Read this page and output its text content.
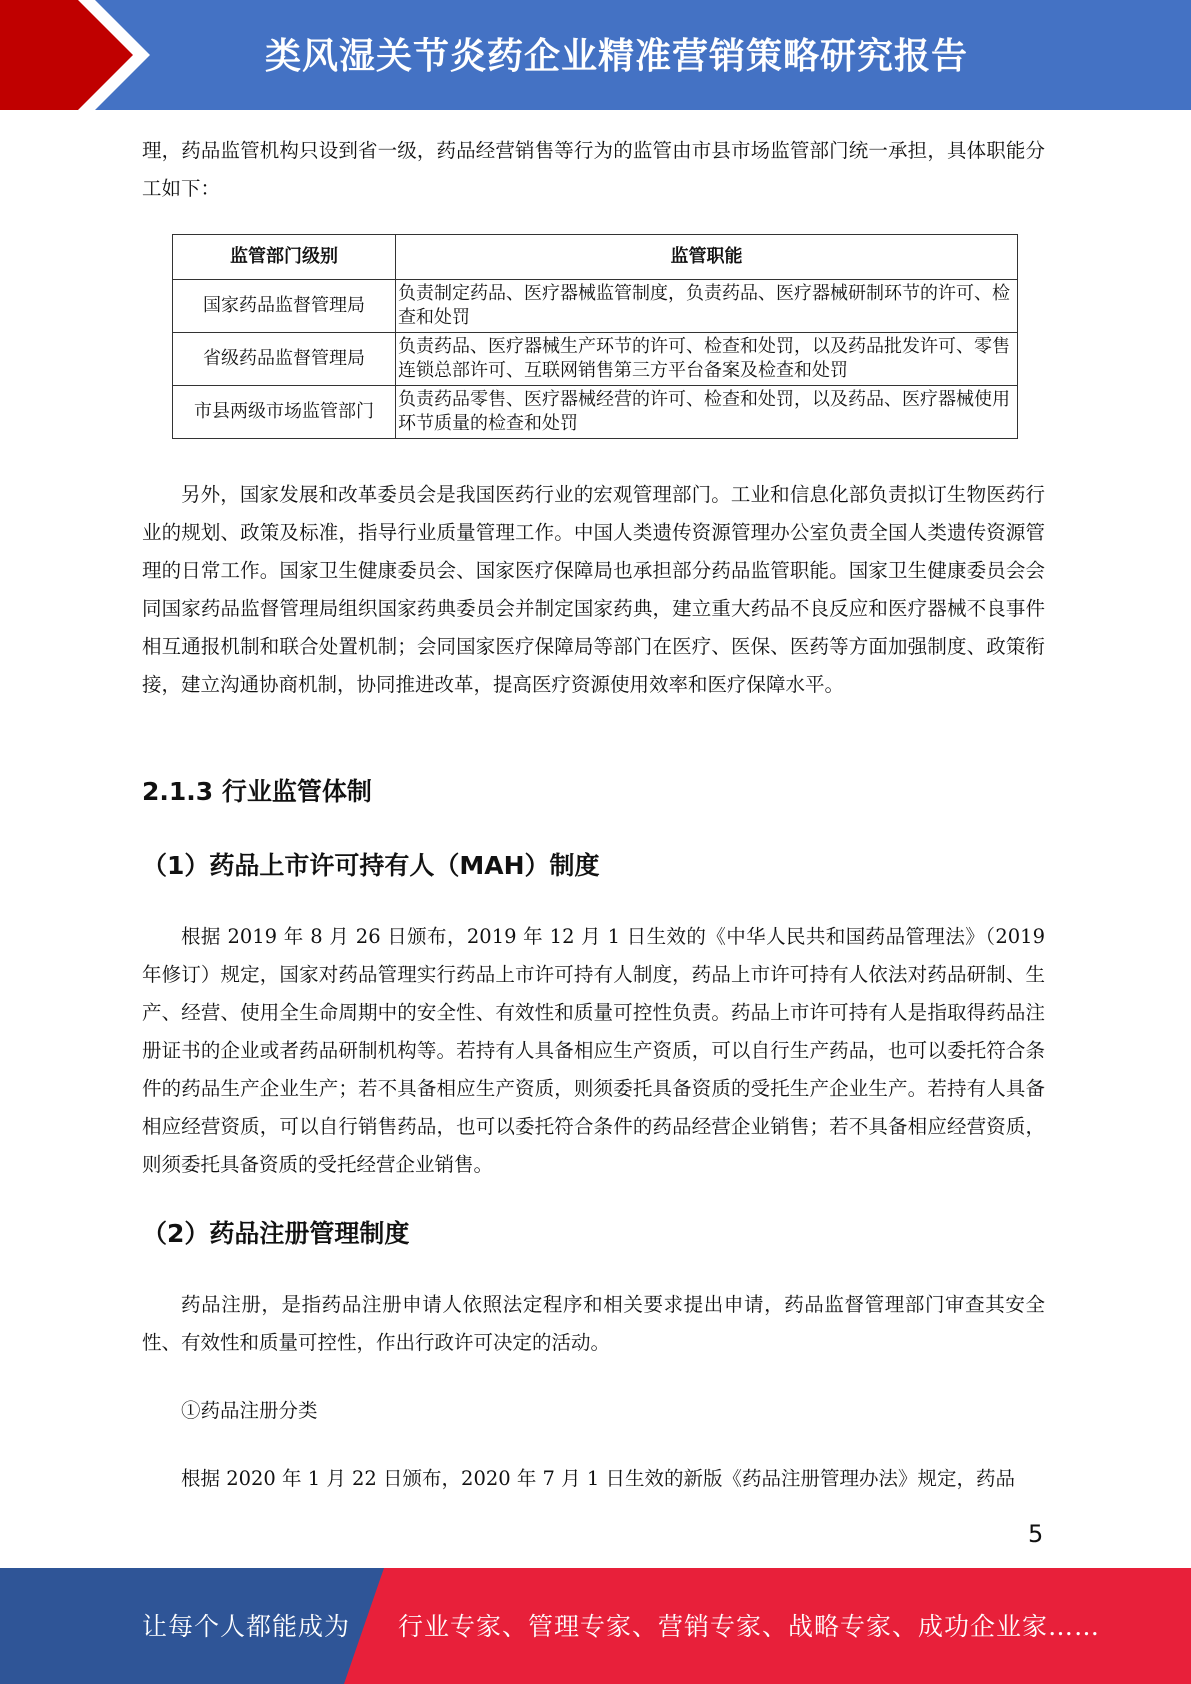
类风湿关节炎药企业精准营销策略研究报告

理，药品监管机构只设到省一级，药品经营销售等行为的监管由市县市场监管部门统一承担，具体职能分工如下：

监管部门级别	监管职能
国家药品监督管理局	负责制定药品、医疗器械监管制度，负责药品、医疗器械研制环节的许可、检查和处罚
省级药品监督管理局	负责药品、医疗器械生产环节的许可、检查和处罚，以及药品批发许可、零售连锁总部许可、互联网销售第三方平台备案及检查和处罚
市县两级市场监管部门	负责药品零售、医疗器械经营的许可、检查和处罚，以及药品、医疗器械使用环节质量的检查和处罚

另外，国家发展和改革委员会是我国医药行业的宏观管理部门。工业和信息化部负责拟订生物医药行业的规划、政策及标准，指导行业质量管理工作。中国人类遗传资源管理办公室负责全国人类遗传资源管理的日常工作。国家卫生健康委员会、国家医疗保障局也承担部分药品监管职能。国家卫生健康委员会会同国家药品监督管理局组织国家药典委员会并制定国家药典，建立重大药品不良反应和医疗器械不良事件相互通报机制和联合处置机制；会同国家医疗保障局等部门在医疗、医保、医药等方面加强制度、政策衔接，建立沟通协商机制，协同推进改革，提高医疗资源使用效率和医疗保障水平。

2.1.3 行业监管体制
（1）药品上市许可持有人（MAH）制度

根据 2019 年 8 月 26 日颁布，2019 年 12 月 1 日生效的《中华人民共和国药品管理法》（2019 年修订）规定，国家对药品管理实行药品上市许可持有人制度，药品上市许可持有人依法对药品研制、生产、经营、使用全生命周期中的安全性、有效性和质量可控性负责。药品上市许可持有人是指取得药品注册证书的企业或者药品研制机构等。若持有人具备相应生产资质，可以自行生产药品，也可以委托符合条件的药品生产企业生产；若不具备相应生产资质，则须委托具备资质的受托生产企业生产。若持有人具备相应经营资质，可以自行销售药品，也可以委托符合条件的药品经营企业销售；若不具备相应经营资质，则须委托具备资质的受托经营企业销售。

（2）药品注册管理制度

药品注册，是指药品注册申请人依照法定程序和相关要求提出申请，药品监督管理部门审查其安全性、有效性和质量可控性，作出行政许可决定的活动。

①药品注册分类

根据 2020 年 1 月 22 日颁布，2020 年 7 月 1 日生效的新版《药品注册管理办法》规定，药品

5
让每个人都能成为 行业专家、管理专家、营销专家、战略专家、成功企业家……
